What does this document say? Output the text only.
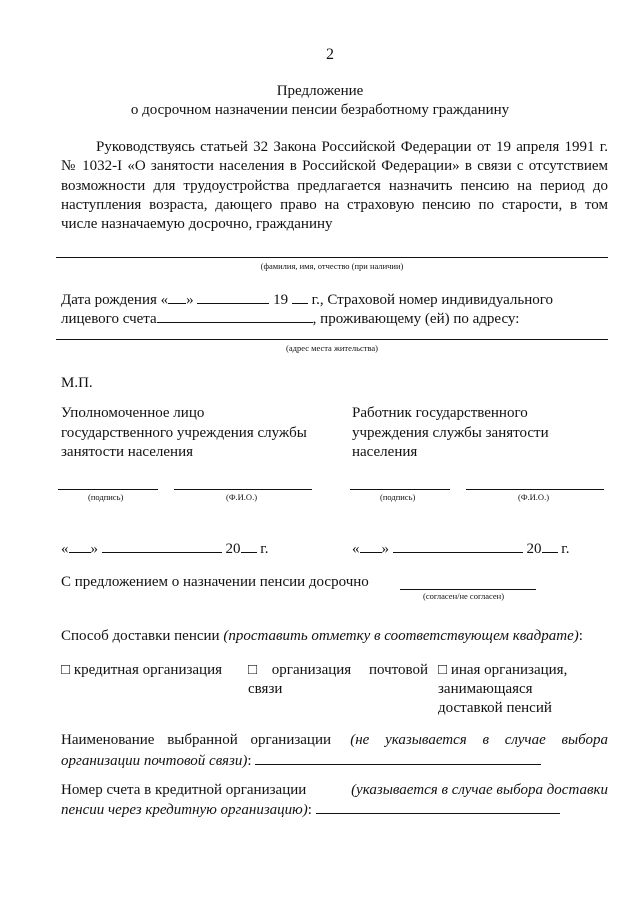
2
Предложение
о досрочном назначении пенсии безработному гражданину
Руководствуясь статьей 32 Закона Российской Федерации от 19 апреля 1991 г.
№ 1032-I «О занятости населения в Российской Федерации» в связи с отсутствием
возможности для трудоустройства предлагается назначить пенсию на период до
наступления возраста, дающего право на страховую пенсию по старости, в том
числе назначаемую досрочно, гражданину
(фамилия, имя, отчество (при наличии)
Дата рождения « »	19 г., Страховой номер индивидуального
лицевого счета	, проживающему (ей) по адресу:
(адрес места жительства)
М.П.
Уполномоченное лицо
государственного учреждения службы
занятости населения
Работник государственного
учреждения службы занятости
населения
(подпись)	(Ф.И.О.)	(подпись)	(Ф.И.О.)
« »	20 г.	« »	20 г.
С предложением о назначении пенсии досрочно
(согласен/не согласен)
Способ доставки пенсии (проставить отметку в соответствующем квадрате):
□ кредитная организация □ организация почтовой
связи
□ иная организация,
занимающаяся
доставкой пенсий
Наименование выбранной организации (не указывается в случае выбора
организации почтовой связи):
Номер счета в кредитной организации	(указывается в случае выбора доставки
пенсии через кредитную организацию):
